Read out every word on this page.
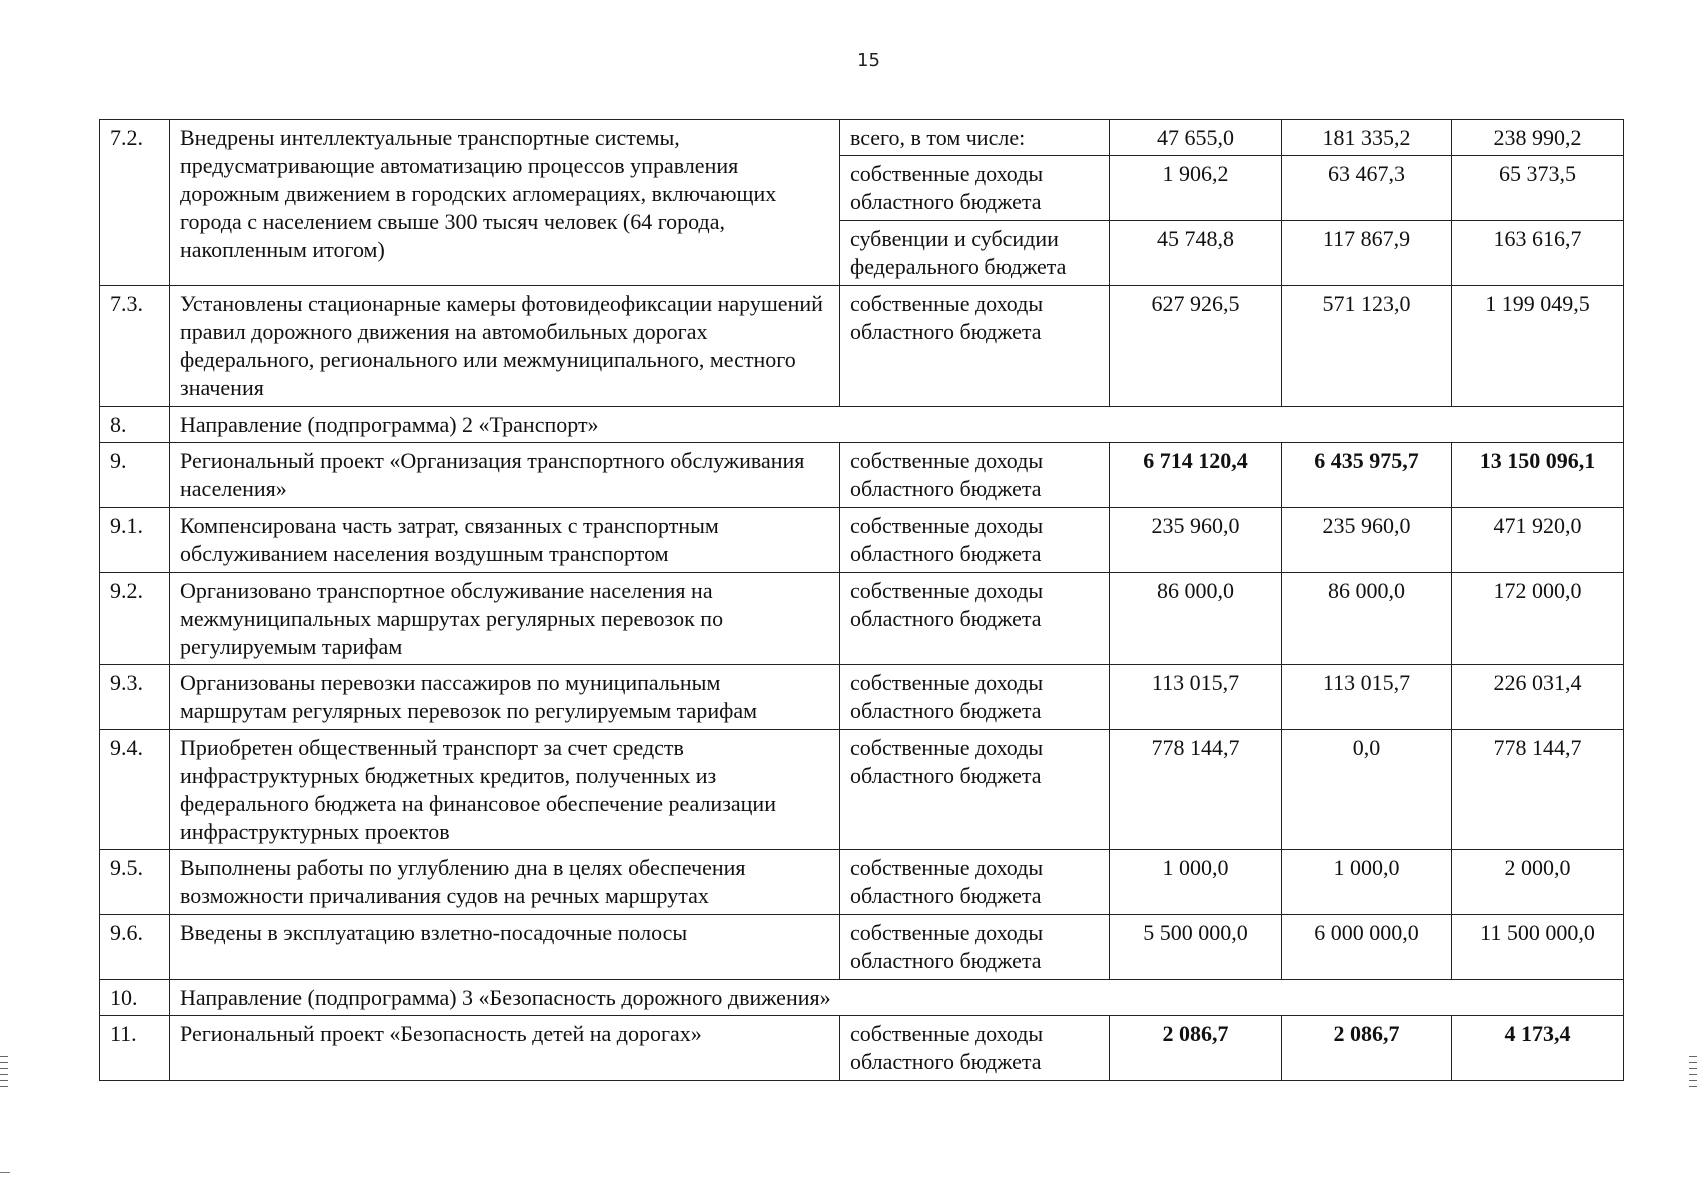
15
7.2.	Внедрены интеллектуальные транспортные системы, предусматривающие автоматизацию процессов управления дорожным движением в городских агломерациях, включающих города с населением свыше 300 тысяч человек (64 города, накопленным итогом)	всего, в том числе:	47 655,0	181 335,2	238 990,2
		собственные доходы областного бюджета	1 906,2	63 467,3	65 373,5
		субвенции и субсидии федерального бюджета	45 748,8	117 867,9	163 616,7
7.3.	Установлены стационарные камеры фотовидеофиксации нарушений правил дорожного движения на автомобильных дорогах федерального, регионального или межмуниципального, местного значения	собственные доходы областного бюджета	627 926,5	571 123,0	1 199 049,5
8.	Направление (подпрограмма) 2 «Транспорт»				
9.	Региональный проект «Организация транспортного обслуживания населения»	собственные доходы областного бюджета	6 714 120,4	6 435 975,7	13 150 096,1
9.1.	Компенсирована часть затрат, связанных с транспортным обслуживанием населения воздушным транспортом	собственные доходы областного бюджета	235 960,0	235 960,0	471 920,0
9.2.	Организовано транспортное обслуживание населения на межмуниципальных маршрутах регулярных перевозок по регулируемым тарифам	собственные доходы областного бюджета	86 000,0	86 000,0	172 000,0
9.3.	Организованы перевозки пассажиров по муниципальным маршрутам регулярных перевозок по регулируемым тарифам	собственные доходы областного бюджета	113 015,7	113 015,7	226 031,4
9.4.	Приобретен общественный транспорт за счет средств инфраструктурных бюджетных кредитов, полученных из федерального бюджета на финансовое обеспечение реализации инфраструктурных проектов	собственные доходы областного бюджета	778 144,7	0,0	778 144,7
9.5.	Выполнены работы по углублению дна в целях обеспечения возможности причаливания судов на речных маршрутах	собственные доходы областного бюджета	1 000,0	1 000,0	2 000,0
9.6.	Введены в эксплуатацию взлетно-посадочные полосы	собственные доходы областного бюджета	5 500 000,0	6 000 000,0	11 500 000,0
10.	Направление (подпрограмма) 3 «Безопасность дорожного движения»				
11.	Региональный проект «Безопасность детей на дорогах»	собственные доходы областного бюджета	2 086,7	2 086,7	4 173,4
